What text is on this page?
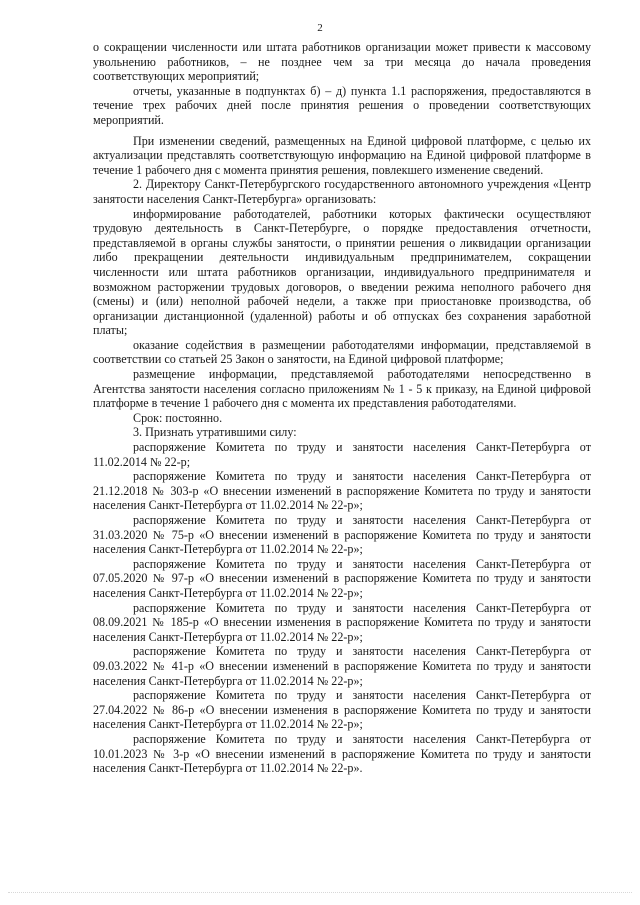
2

о сокращении численности или штата работников организации может привести к массовому увольнению работников, – не позднее чем за три месяца до начала проведения соответствующих мероприятий;

отчеты, указанные в подпунктах б) – д) пункта 1.1 распоряжения, предоставляются в течение трех рабочих дней после принятия решения о проведении соответствующих мероприятий.

При изменении сведений, размещенных на Единой цифровой платформе, с целью их актуализации представлять соответствующую информацию на Единой цифровой платформе в течение 1 рабочего дня с момента принятия решения, повлекшего изменение сведений.

2. Директору Санкт-Петербургского государственного автономного учреждения «Центр занятости населения Санкт-Петербурга» организовать:

информирование работодателей, работники которых фактически осуществляют трудовую деятельность в Санкт-Петербурге, о порядке предоставления отчетности, представляемой в органы службы занятости, о принятии решения о ликвидации организации либо прекращении деятельности индивидуальным предпринимателем, сокращении численности или штата работников организации, индивидуального предпринимателя и возможном расторжении трудовых договоров, о введении режима неполного рабочего дня (смены) и (или) неполной рабочей недели, а также при приостановке производства, об организации дистанционной (удаленной) работы и об отпусках без сохранения заработной платы;

оказание содействия в размещении работодателями информации, представляемой в соответствии со статьей 25 Закон о занятости, на Единой цифровой платформе;

размещение информации, представляемой работодателями непосредственно в Агентства занятости населения согласно приложениям № 1 - 5 к приказу, на Единой цифровой платформе в течение 1 рабочего дня с момента их представления работодателями.

Срок: постоянно.

3. Признать утратившими силу:

распоряжение Комитета по труду и занятости населения Санкт-Петербурга от 11.02.2014 № 22-р;

распоряжение Комитета по труду и занятости населения Санкт-Петербурга от 21.12.2018 № 303-р «О внесении изменений в распоряжение Комитета по труду и занятости населения Санкт-Петербурга от 11.02.2014 № 22-р»;

распоряжение Комитета по труду и занятости населения Санкт-Петербурга от 31.03.2020 № 75-р «О внесении изменений в распоряжение Комитета по труду и занятости населения Санкт-Петербурга от 11.02.2014 № 22-р»;

распоряжение Комитета по труду и занятости населения Санкт-Петербурга от 07.05.2020 № 97-р «О внесении изменений в распоряжение Комитета по труду и занятости населения Санкт-Петербурга от 11.02.2014 № 22-р»;

распоряжение Комитета по труду и занятости населения Санкт-Петербурга от 08.09.2021 № 185-р «О внесении изменения в распоряжение Комитета по труду и занятости населения Санкт-Петербурга от 11.02.2014 № 22-р»;

распоряжение Комитета по труду и занятости населения Санкт-Петербурга от 09.03.2022 № 41-р «О внесении изменений в распоряжение Комитета по труду и занятости населения Санкт-Петербурга от 11.02.2014 № 22-р»;

распоряжение Комитета по труду и занятости населения Санкт-Петербурга от 27.04.2022 № 86-р «О внесении изменения в распоряжение Комитета по труду и занятости населения Санкт-Петербурга от 11.02.2014 № 22-р»;

распоряжение Комитета по труду и занятости населения Санкт-Петербурга от 10.01.2023 № 3-р «О внесении изменений в распоряжение Комитета по труду и занятости населения Санкт-Петербурга от 11.02.2014 № 22-р».
